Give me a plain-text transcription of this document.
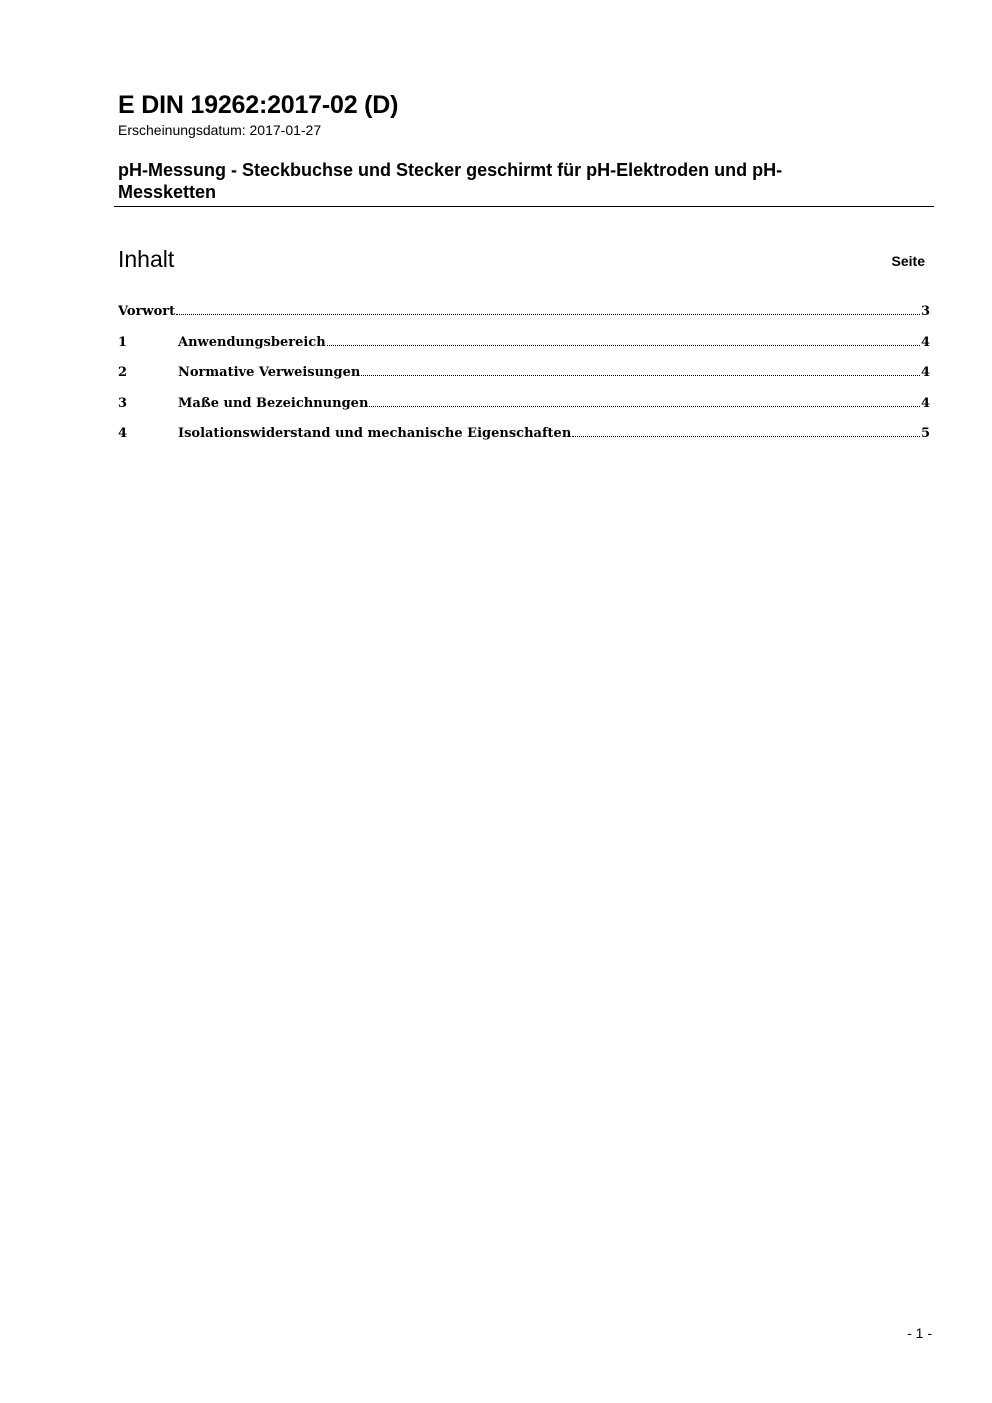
E DIN 19262:2017-02 (D)
Erscheinungsdatum: 2017-01-27
pH-Messung - Steckbuchse und Stecker geschirmt für pH-Elektroden und pH-Messketten
Inhalt	Seite
Vorwort	3
1	Anwendungsbereich	4
2	Normative Verweisungen	4
3	Maße und Bezeichnungen	4
4	Isolationswiderstand und mechanische Eigenschaften	5
- 1 -
